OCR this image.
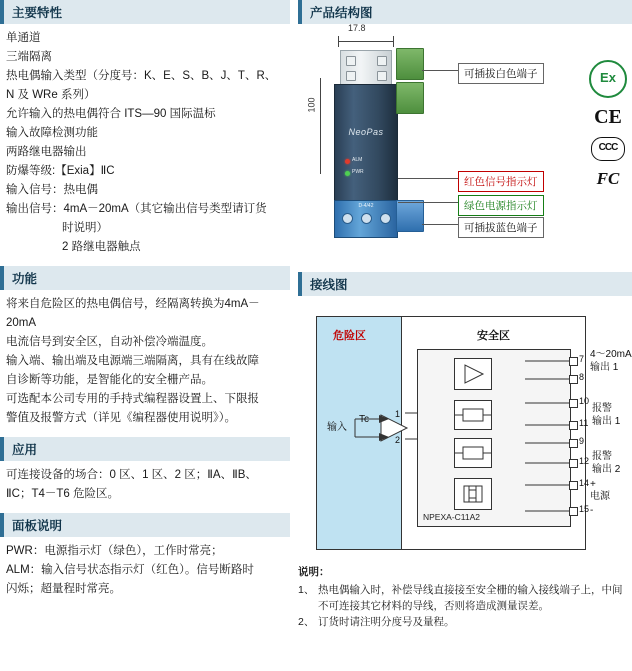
主要特性

单通道

三端隔离

热电偶输入类型（分度号：K、E、S、B、J、T、R、

N 及 WRe 系列）

允许输入的热电偶符合 ITS—90 国际温标

输入故障检测功能

两路继电器输出

防爆等级:【Exia】ⅡC

输入信号：热电偶

输出信号：4mA－20mA（其它输出信号类型请订货

时说明）

2 路继电器触点

功能

将来自危险区的热电偶信号，经隔离转换为4mA－20mA

电流信号到安全区，自动补偿冷端温度。

输入端、输出端及电源端三端隔离，具有在线故障

自诊断等功能，是智能化的安全栅产品。

可选配本公司专用的手持式编程器设置上、下限报

警值及报警方式（详见《编程器使用说明》）。

应用

可连接设备的场合：0 区、1 区、2 区；ⅡA、ⅡB、

ⅡC；T4－T6 危险区。

面板说明

PWR：电源指示灯（绿色），工作时常亮；

ALM：输入信号状态指示灯（红色）。信号断路时

闪烁；超量程时常亮。

产品结构图
17.8
100
NeoPas
ALM
PWR
D-4/42
可插拔白色端子
红色信号指示灯
绿色电源指示灯
可插拔蓝色端子
Ex
CE
CCC
FC
接线图
危险区	安全区
NPEXA-C11A2
输入
Tc	1
2
7
8
10
11
9
12
14
15
4～20mA
输出 1
报警
输出 1
报警
输出 2
+
电源
-
说明：
1、 热电偶输入时，补偿导线直接接至安全栅的输入接线端子上，中间不可连接其它材料的导线，否则将造成测量误差。
2、 订货时请注明分度号及量程。
